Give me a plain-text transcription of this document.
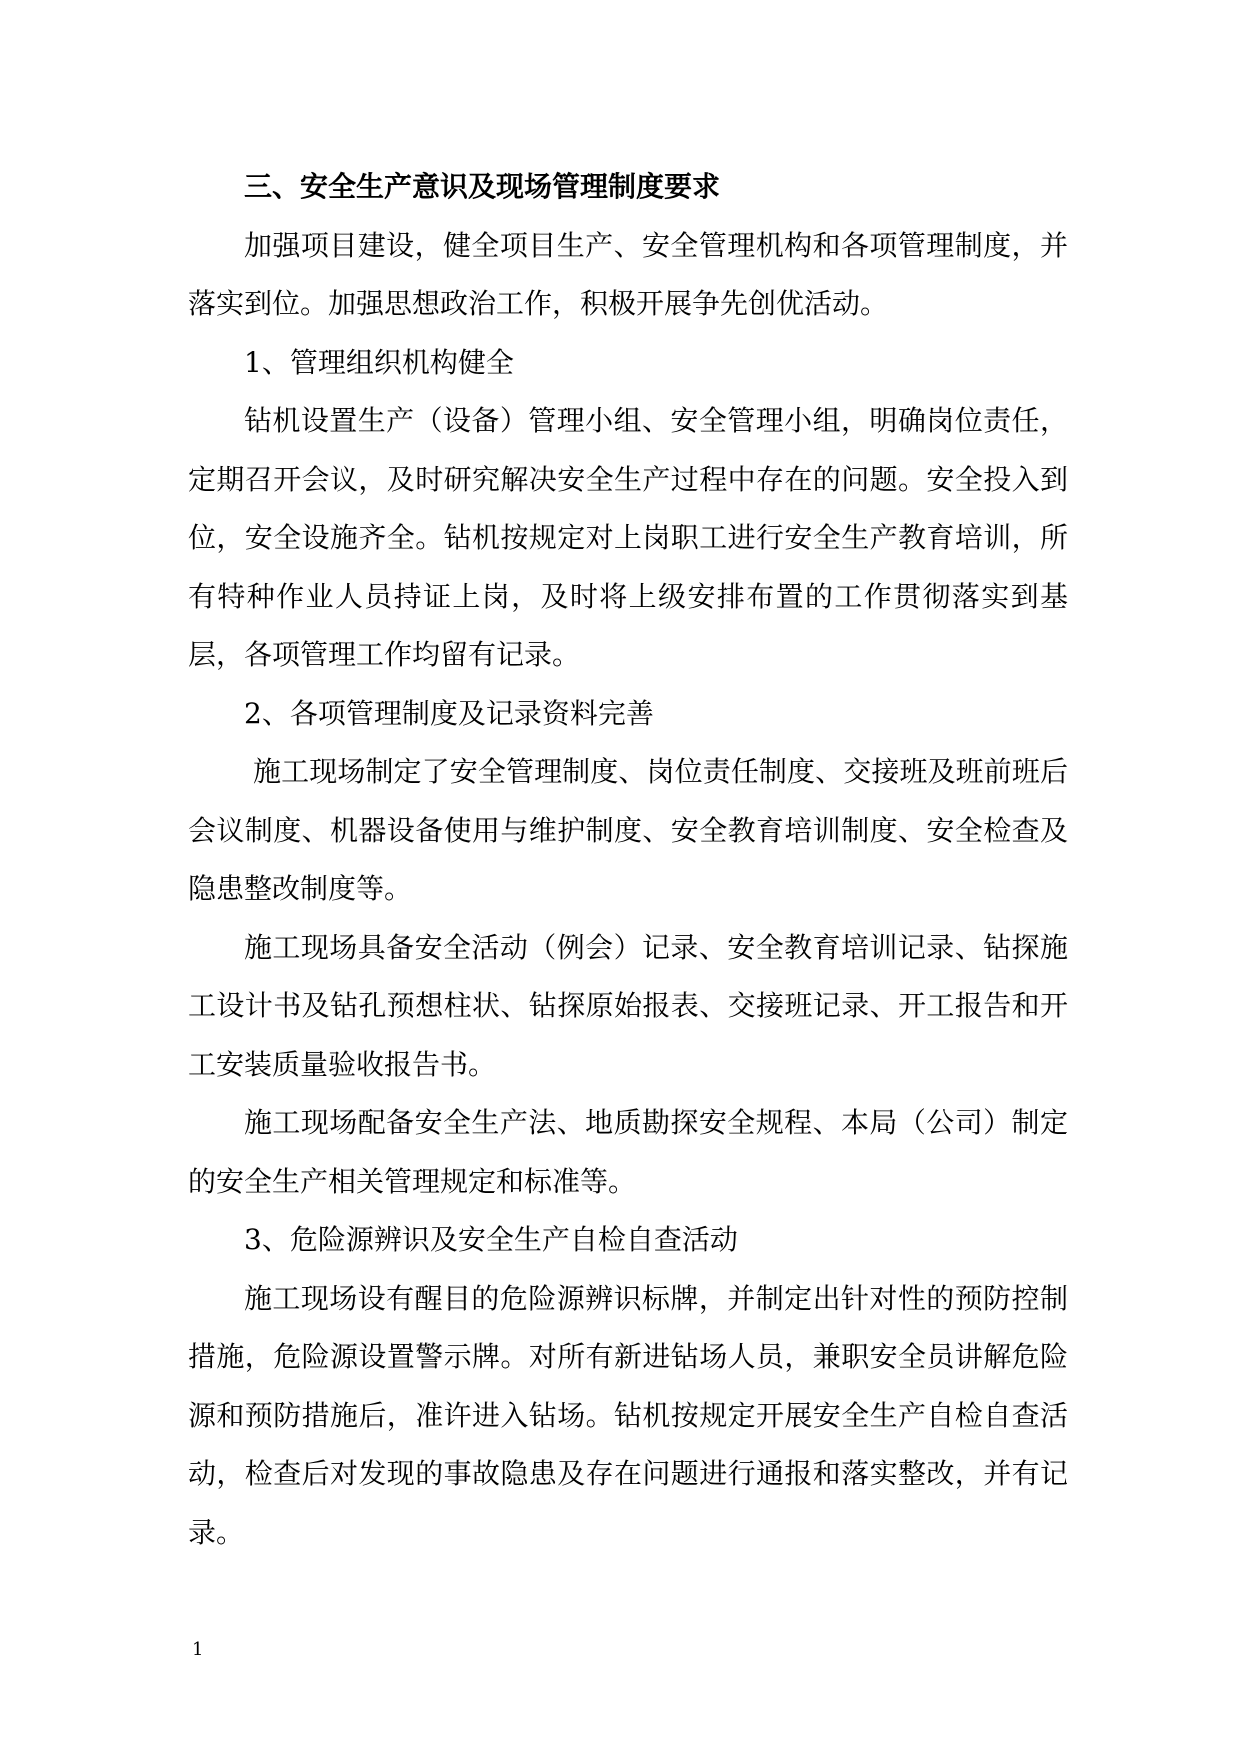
三、安全生产意识及现场管理制度要求

加强项目建设，健全项目生产、安全管理机构和各项管理制度，并落实到位。加强思想政治工作，积极开展争先创优活动。

1、管理组织机构健全

钻机设置生产（设备）管理小组、安全管理小组，明确岗位责任，定期召开会议，及时研究解决安全生产过程中存在的问题。安全投入到位，安全设施齐全。钻机按规定对上岗职工进行安全生产教育培训，所有特种作业人员持证上岗，及时将上级安排布置的工作贯彻落实到基层，各项管理工作均留有记录。

2、各项管理制度及记录资料完善

施工现场制定了安全管理制度、岗位责任制度、交接班及班前班后会议制度、机器设备使用与维护制度、安全教育培训制度、安全检查及隐患整改制度等。

施工现场具备安全活动（例会）记录、安全教育培训记录、钻探施工设计书及钻孔预想柱状、钻探原始报表、交接班记录、开工报告和开工安装质量验收报告书。

施工现场配备安全生产法、地质勘探安全规程、本局（公司）制定的安全生产相关管理规定和标准等。

3、危险源辨识及安全生产自检自查活动

施工现场设有醒目的危险源辨识标牌，并制定出针对性的预防控制措施，危险源设置警示牌。对所有新进钻场人员，兼职安全员讲解危险源和预防措施后，准许进入钻场。钻机按规定开展安全生产自检自查活动，检查后对发现的事故隐患及存在问题进行通报和落实整改，并有记录。

1
